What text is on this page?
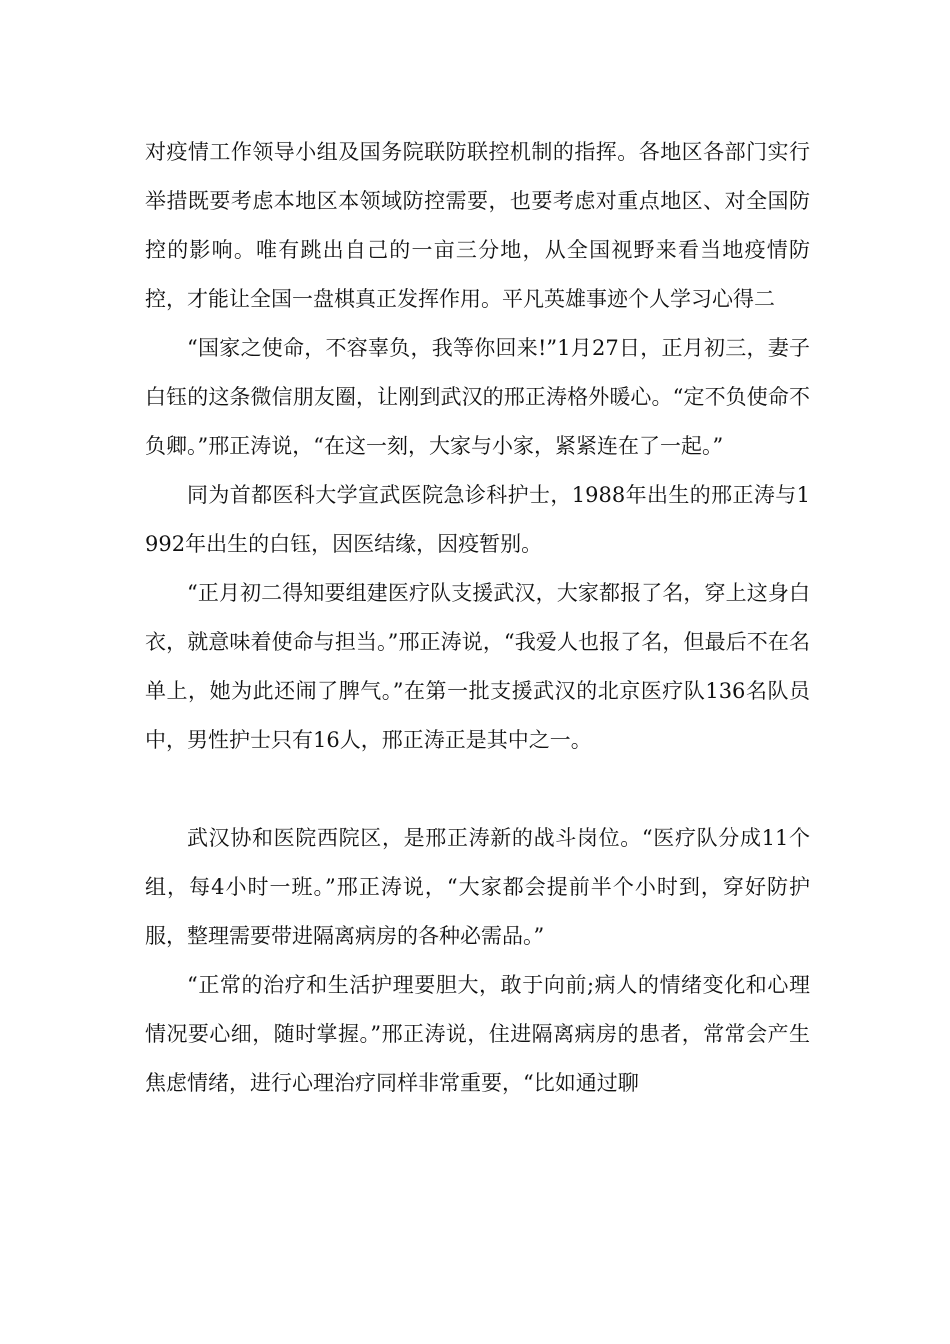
对疫情工作领导小组及国务院联防联控机制的指挥。各地区各部门实行举措既要考虑本地区本领域防控需要，也要考虑对重点地区、对全国防控的影响。唯有跳出自己的一亩三分地，从全国视野来看当地疫情防控，才能让全国一盘棋真正发挥作用。平凡英雄事迹个人学习心得二

“国家之使命，不容辜负，我等你回来!”1月27日，正月初三，妻子白钰的这条微信朋友圈，让刚到武汉的邢正涛格外暖心。“定不负使命不负卿。”邢正涛说，“在这一刻，大家与小家，紧紧连在了一起。”

同为首都医科大学宣武医院急诊科护士，1988年出生的邢正涛与1992年出生的白钰，因医结缘，因疫暂别。

“正月初二得知要组建医疗队支援武汉，大家都报了名，穿上这身白衣，就意味着使命与担当。”邢正涛说，“我爱人也报了名，但最后不在名单上，她为此还闹了脾气。”在第一批支援武汉的北京医疗队136名队员中，男性护士只有16人，邢正涛正是其中之一。

武汉协和医院西院区，是邢正涛新的战斗岗位。“医疗队分成11个组，每4小时一班。”邢正涛说，“大家都会提前半个小时到，穿好防护服，整理需要带进隔离病房的各种必需品。”

“正常的治疗和生活护理要胆大，敢于向前;病人的情绪变化和心理情况要心细，随时掌握。”邢正涛说，住进隔离病房的患者，常常会产生焦虑情绪，进行心理治疗同样非常重要，“比如通过聊
